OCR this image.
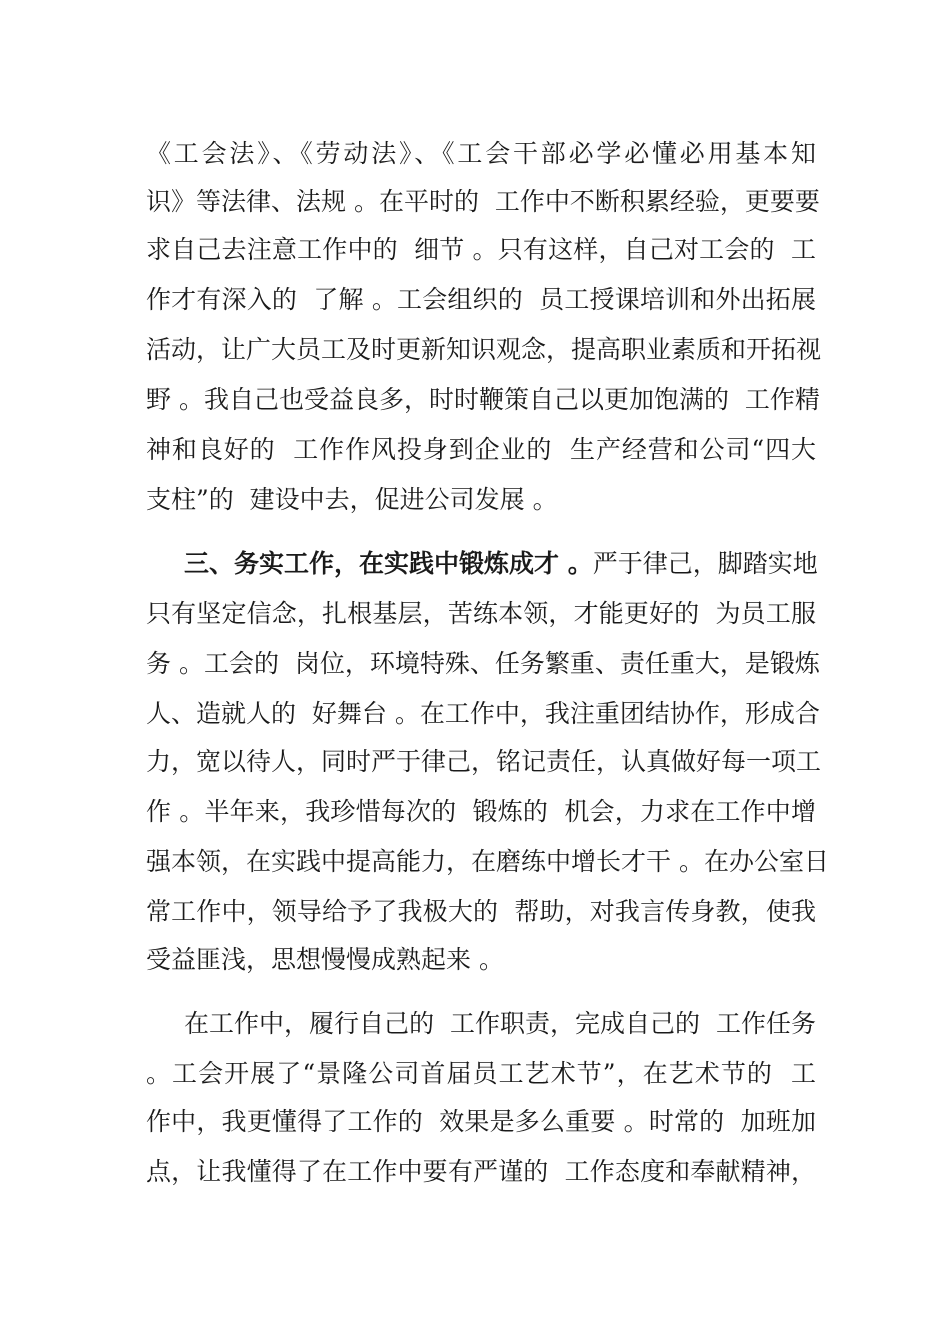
《工会法》、《劳动法》、《工会干部必学必懂必用基本知
识》等法律、法规 。在平时的  工作中不断积累经验，更要要
求自己去注意工作中的  细节 。只有这样，自己对工会的  工
作才有深入的  了解 。工会组织的  员工授课培训和外出拓展
活动，让广大员工及时更新知识观念，提高职业素质和开拓视
野 。我自己也受益良多，时时鞭策自己以更加饱满的  工作精
神和良好的  工作作风投身到企业的  生产经营和公司“四大
支柱”的  建设中去，促进公司发展 。
三、务实工作，在实践中锻炼成才 。严于律己，脚踏实地
只有坚定信念，扎根基层，苦练本领，才能更好的  为员工服
务 。工会的  岗位，环境特殊、任务繁重、责任重大，是锻炼
人、造就人的  好舞台 。在工作中，我注重团结协作，形成合
力，宽以待人，同时严于律己，铭记责任，认真做好每一项工
作 。半年来，我珍惜每次的  锻炼的  机会，力求在工作中增
强本领，在实践中提高能力，在磨练中增长才干 。在办公室日
常工作中，领导给予了我极大的  帮助，对我言传身教，使我
受益匪浅，思想慢慢成熟起来 。
在工作中，履行自己的  工作职责，完成自己的  工作任务
。工会开展了“景隆公司首届员工艺术节”，在艺术节的  工
作中，我更懂得了工作的  效果是多么重要 。时常的  加班加
点，让我懂得了在工作中要有严谨的  工作态度和奉献精神，
